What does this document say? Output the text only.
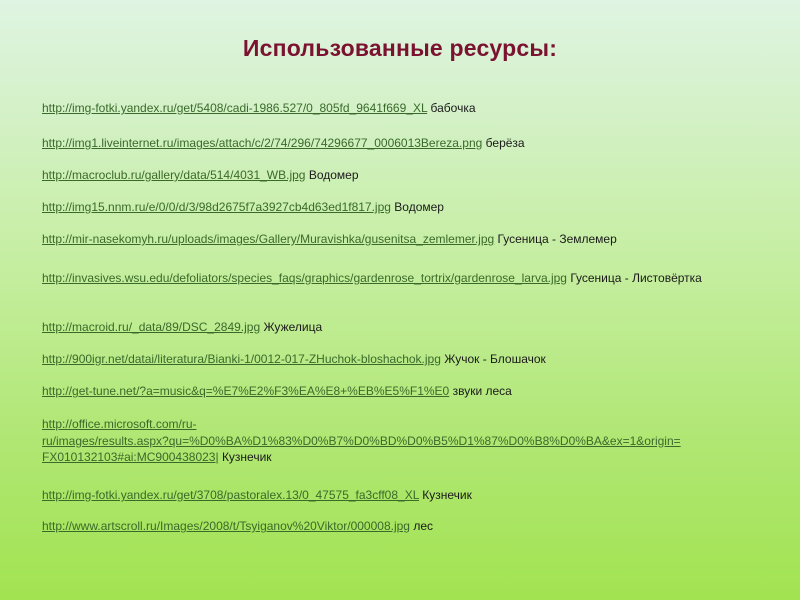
Использованные ресурсы:
http://img-fotki.yandex.ru/get/5408/cadi-1986.527/0_805fd_9641f669_XL бабочка
http://img1.liveinternet.ru/images/attach/c/2/74/296/74296677_0006013Bereza.png берёза
http://macroclub.ru/gallery/data/514/4031_WB.jpg Водомер
http://img15.nnm.ru/e/0/0/d/3/98d2675f7a3927cb4d63ed1f817.jpg Водомер
http://mir-nasekomyh.ru/uploads/images/Gallery/Muravishka/gusenitsa_zemlemer.jpg Гусеница - Землемер
http://invasives.wsu.edu/defoliators/species_faqs/graphics/gardenrose_tortrix/gardenrose_larva.jpg Гусеница - Листовёртка
http://macroid.ru/_data/89/DSC_2849.jpg Жужелица
http://900igr.net/datai/literatura/Bianki-1/0012-017-ZHuchok-bloshachok.jpg Жучок - Блошачок
http://get-tune.net/?a=music&q=%E7%E2%F3%EA%E8+%EB%E5%F1%E0 звуки леса
http://office.microsoft.com/ru-
ru/images/results.aspx?qu=%D0%BA%D1%83%D0%B7%D0%BD%D0%B5%D1%87%D0%B8%D0%BA&ex=1&origin=
FX010132103#ai:MC900438023| Кузнечик
http://img-fotki.yandex.ru/get/3708/pastoralex.13/0_47575_fa3cff08_XL Кузнечик
http://www.artscroll.ru/Images/2008/t/Tsyiganov%20Viktor/000008.jpg лес
